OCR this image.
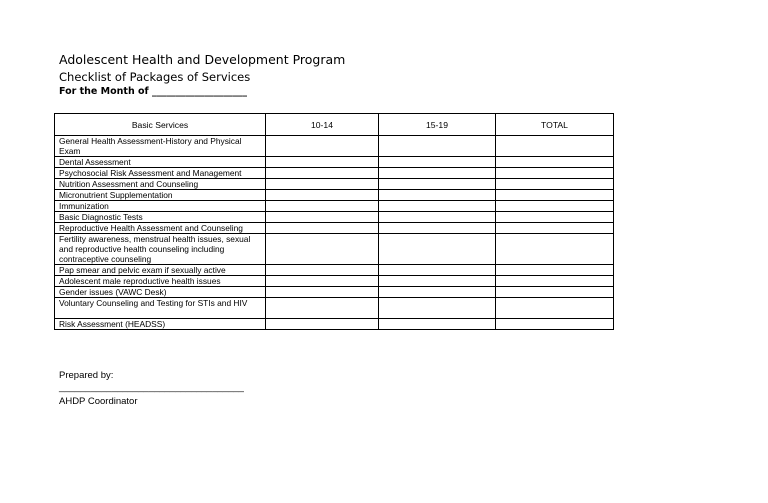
Adolescent Health and Development Program
Checklist of Packages of Services
For the Month of ____________________
Basic Services	10-14	15-19	TOTAL
General Health Assessment-History and Physical Exam			
Dental Assessment			
Psychosocial Risk Assessment and Management			
Nutrition Assessment and Counseling			
Micronutrient Supplementation			
Immunization			
Basic Diagnostic Tests			
Reproductive Health Assessment and Counseling			
Fertility awareness, menstrual health issues, sexual and reproductive health counseling including contraceptive counseling			
Pap smear and pelvic exam if sexually active			
Adolescent male reproductive health issues			
Gender issues (VAWC Desk)			
Voluntary Counseling and Testing for STIs and HIV			
Risk Assessment (HEADSS)			
Prepared by:
___________________________________
AHDP Coordinator
